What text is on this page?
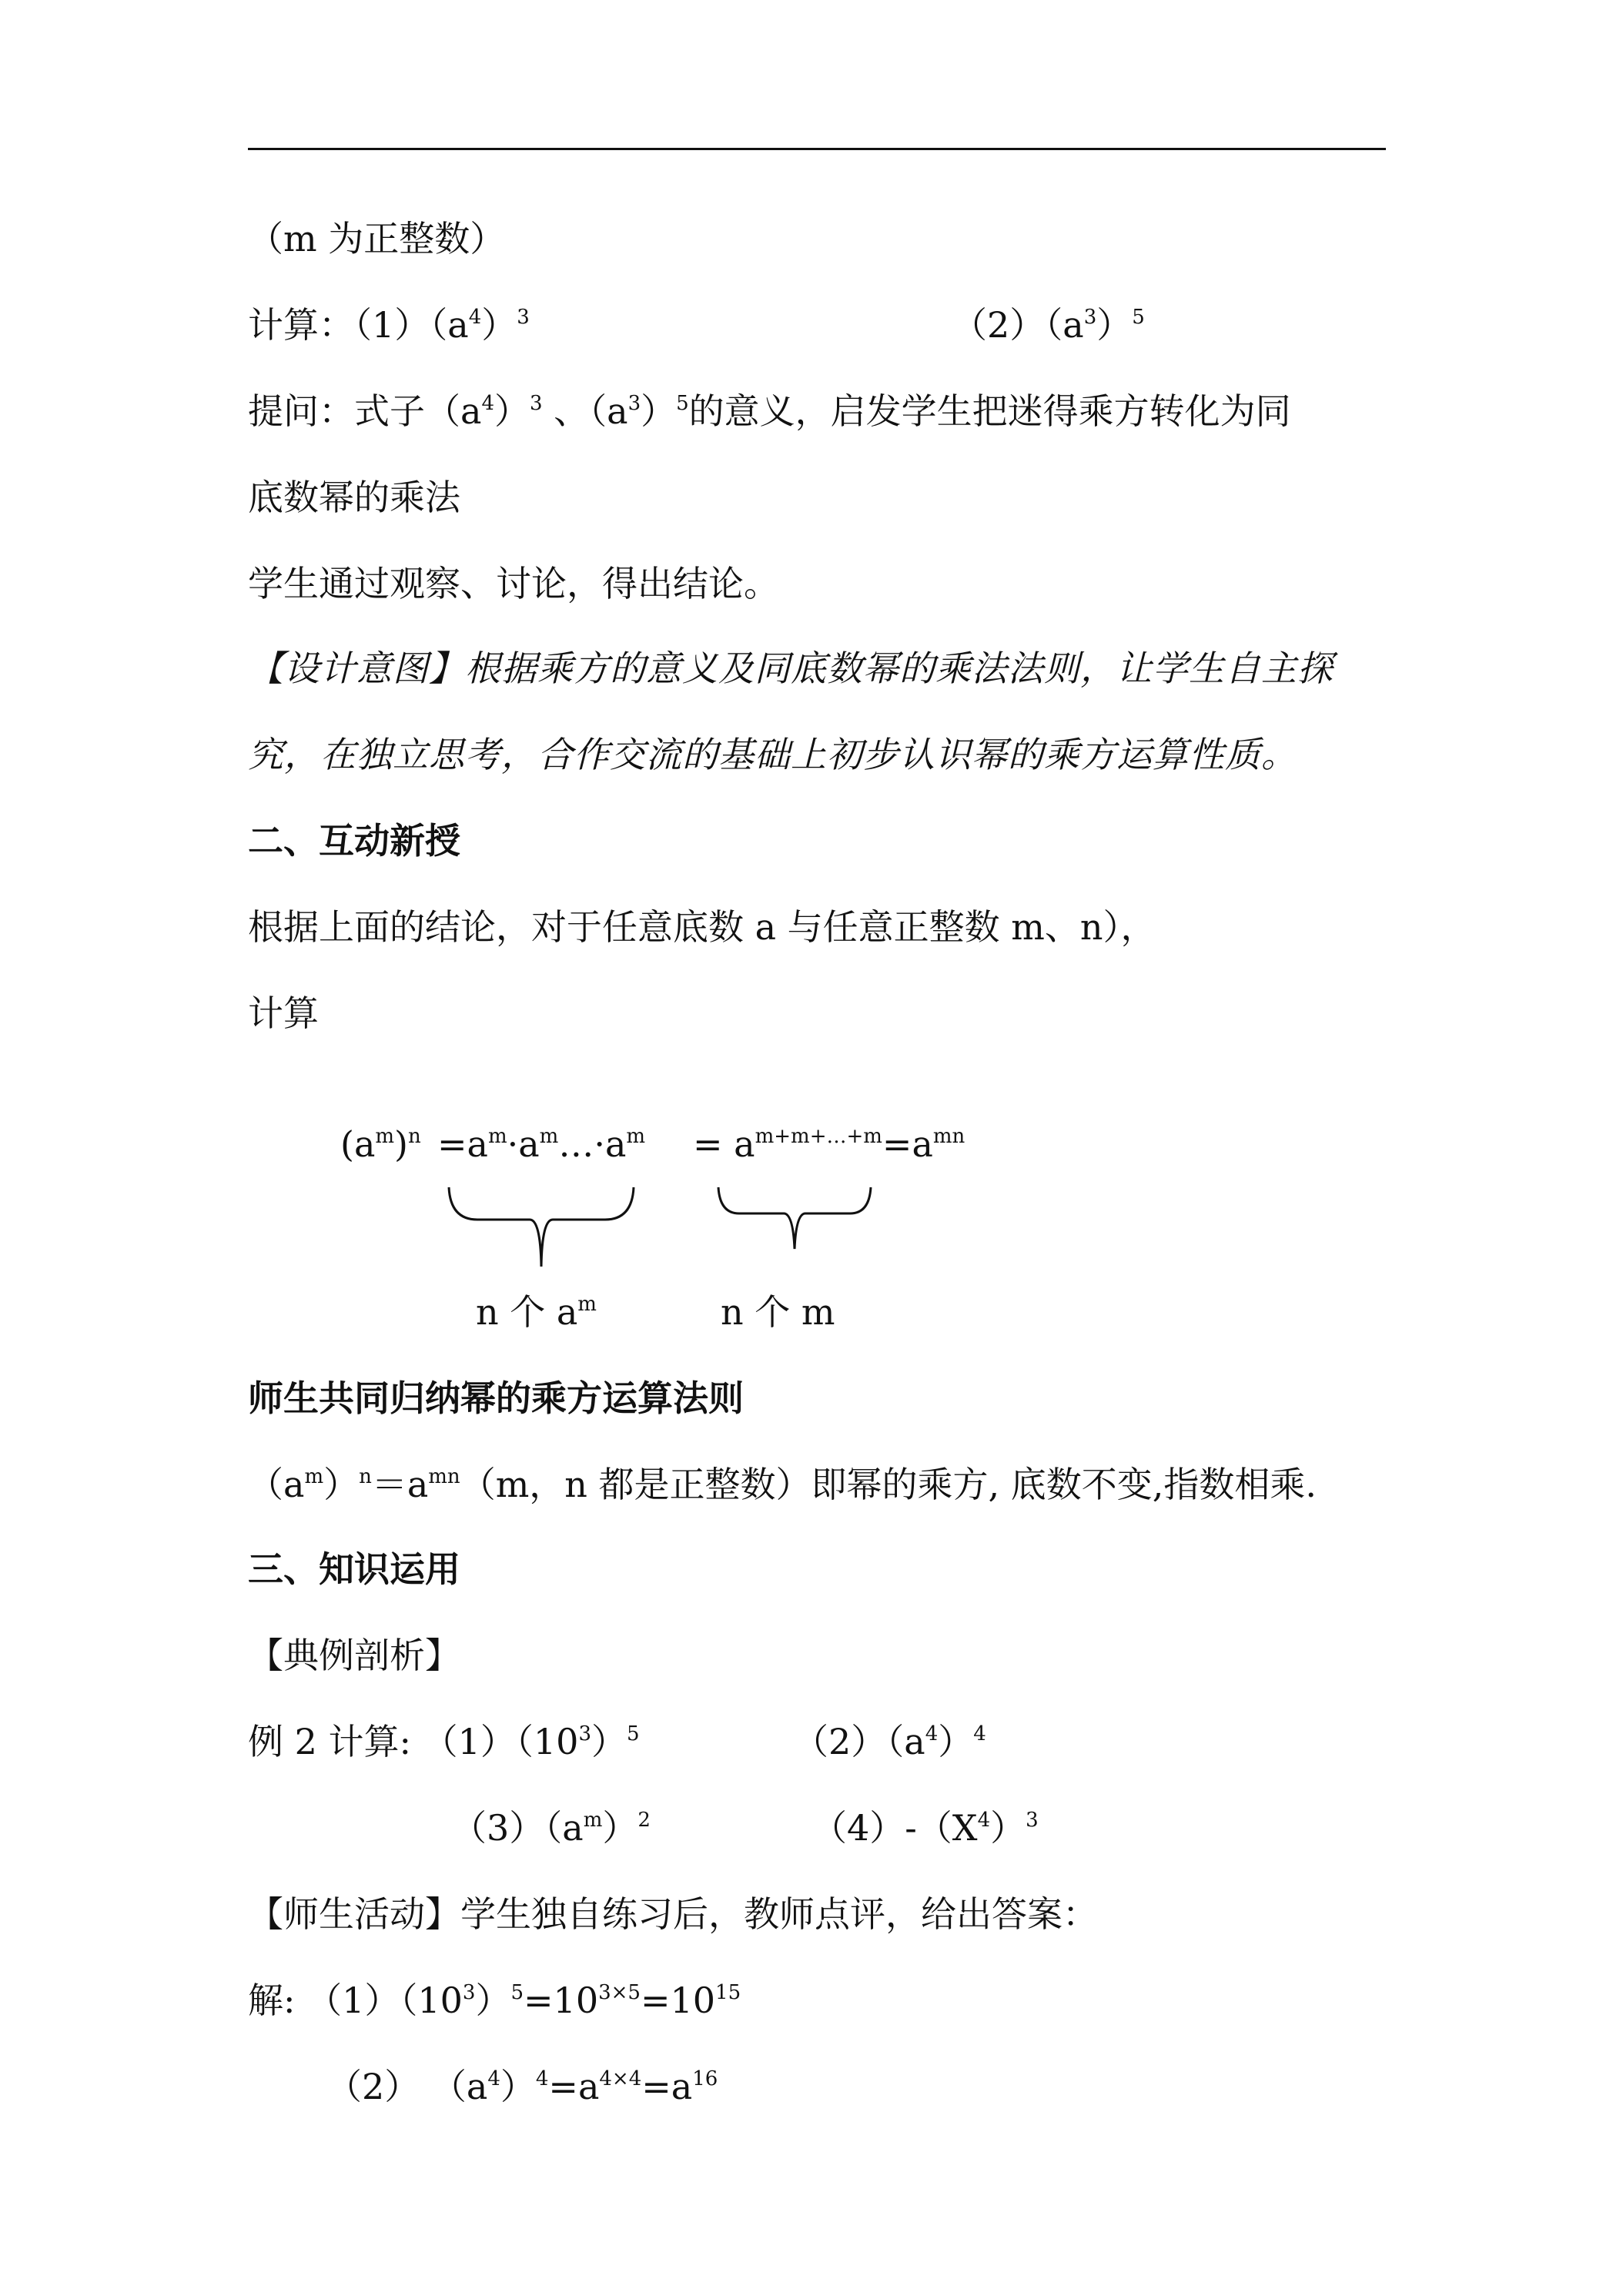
（m 为正整数）
计算：$(1)(a^4)^3$	$(2)(a^3)^5$
提问：式子$(a^4)^3$ 、$(a^3)^5$的意义，启发学生把迷得乘方转化为同
底数幂的乘法
学生通过观察、讨论，得出结论。
【设计意图】根据乘方的意义及同底数幂的乘法法则，让学生自主探
究，在独立思考，合作交流的基础上初步认识幂的乘方运算性质。
二、互动新授
根据上面的结论，对于任意底数 a 与任意正整数 m、n），
计算
$(a^m)^n$ $=a^m\cdot a^m\dots\cdot a^m = a^{m+m+\dots+m}=a^{mn}$
n 个 $a^m$	n 个 m
师生共同归纳幂的乘方运算法则
$(a^m)^n=a^{mn}(m$，n 都是正整数）即幂的乘方, 底数不变,指数相乘.
三、知识运用
【典例剖析】
例 2 计算: $(1)(10^3)^5$	$(2)(a^4)^4$
$(3)(a^m)^2$	$(4)-(X^4)^3$
【师生活动】学生独自练习后，教师点评，给出答案：
解: $(1)(10^3)^5=10^{3\times 5}=10^{15}$
（2） $(a^4)^4=a^{4\times 4}=a^{16}$
